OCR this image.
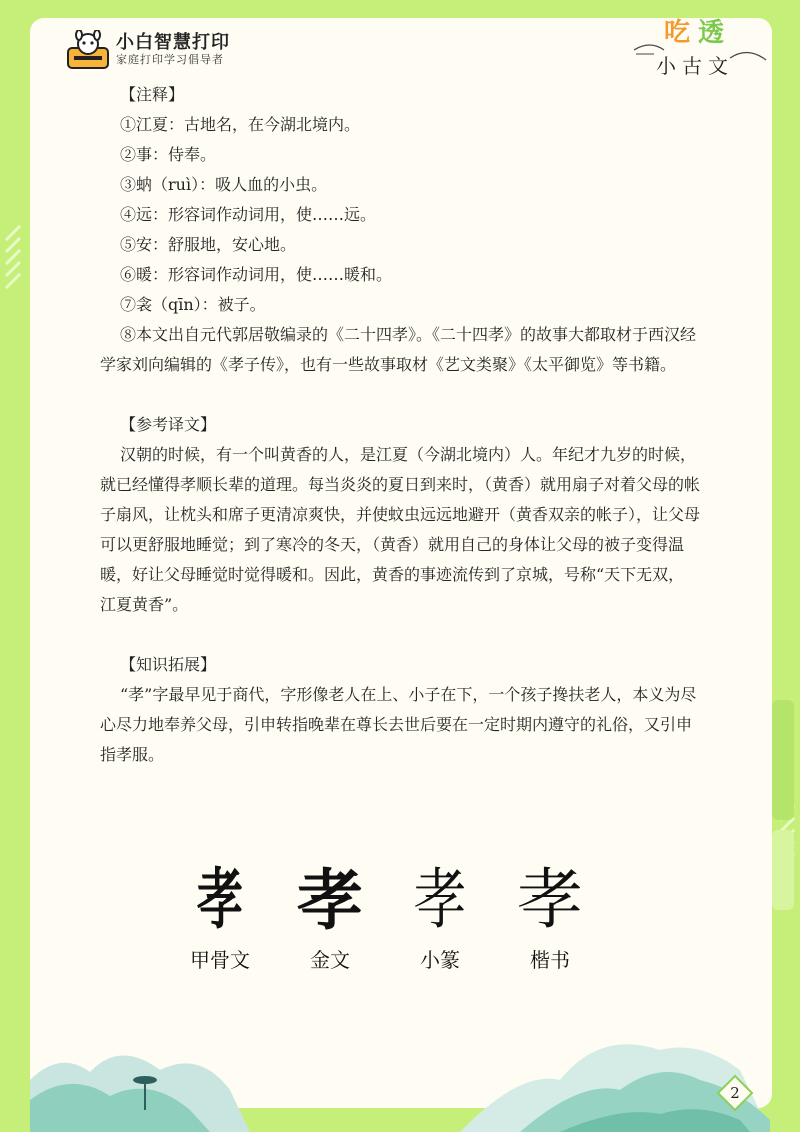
小白智慧打印
家庭打印学习倡导者
吃 透
小古文

【注释】

①江夏：古地名，在今湖北境内。

②事：侍奉。

③蚋（ruì）：吸人血的小虫。

④远：形容词作动词用，使……远。

⑤安：舒服地，安心地。

⑥暖：形容词作动词用，使……暖和。

⑦衾（qīn）：被子。

⑧本文出自元代郭居敬编录的《二十四孝》。《二十四孝》的故事大都取材于西汉经学家刘向编辑的《孝子传》，也有一些故事取材《艺文类聚》《太平御览》等书籍。

【参考译文】

汉朝的时候，有一个叫黄香的人，是江夏（今湖北境内）人。年纪才九岁的时候，就已经懂得孝顺长辈的道理。每当炎炎的夏日到来时，（黄香）就用扇子对着父母的帐子扇风，让枕头和席子更清凉爽快，并使蚊虫远远地避开（黄香双亲的帐子），让父母可以更舒服地睡觉；到了寒冷的冬天，（黄香）就用自己的身体让父母的被子变得温暖，好让父母睡觉时觉得暖和。因此，黄香的事迹流传到了京城，号称“天下无双，江夏黄香”。

【知识拓展】

“孝”字最早见于商代，字形像老人在上、小子在下，一个孩子搀扶老人，本义为尽心尽力地奉养父母，引申转指晚辈在尊长去世后要在一定时期内遵守的礼俗，又引申指孝服。

孝
甲骨文
孝
金文
孝
小篆
孝
楷书
2
